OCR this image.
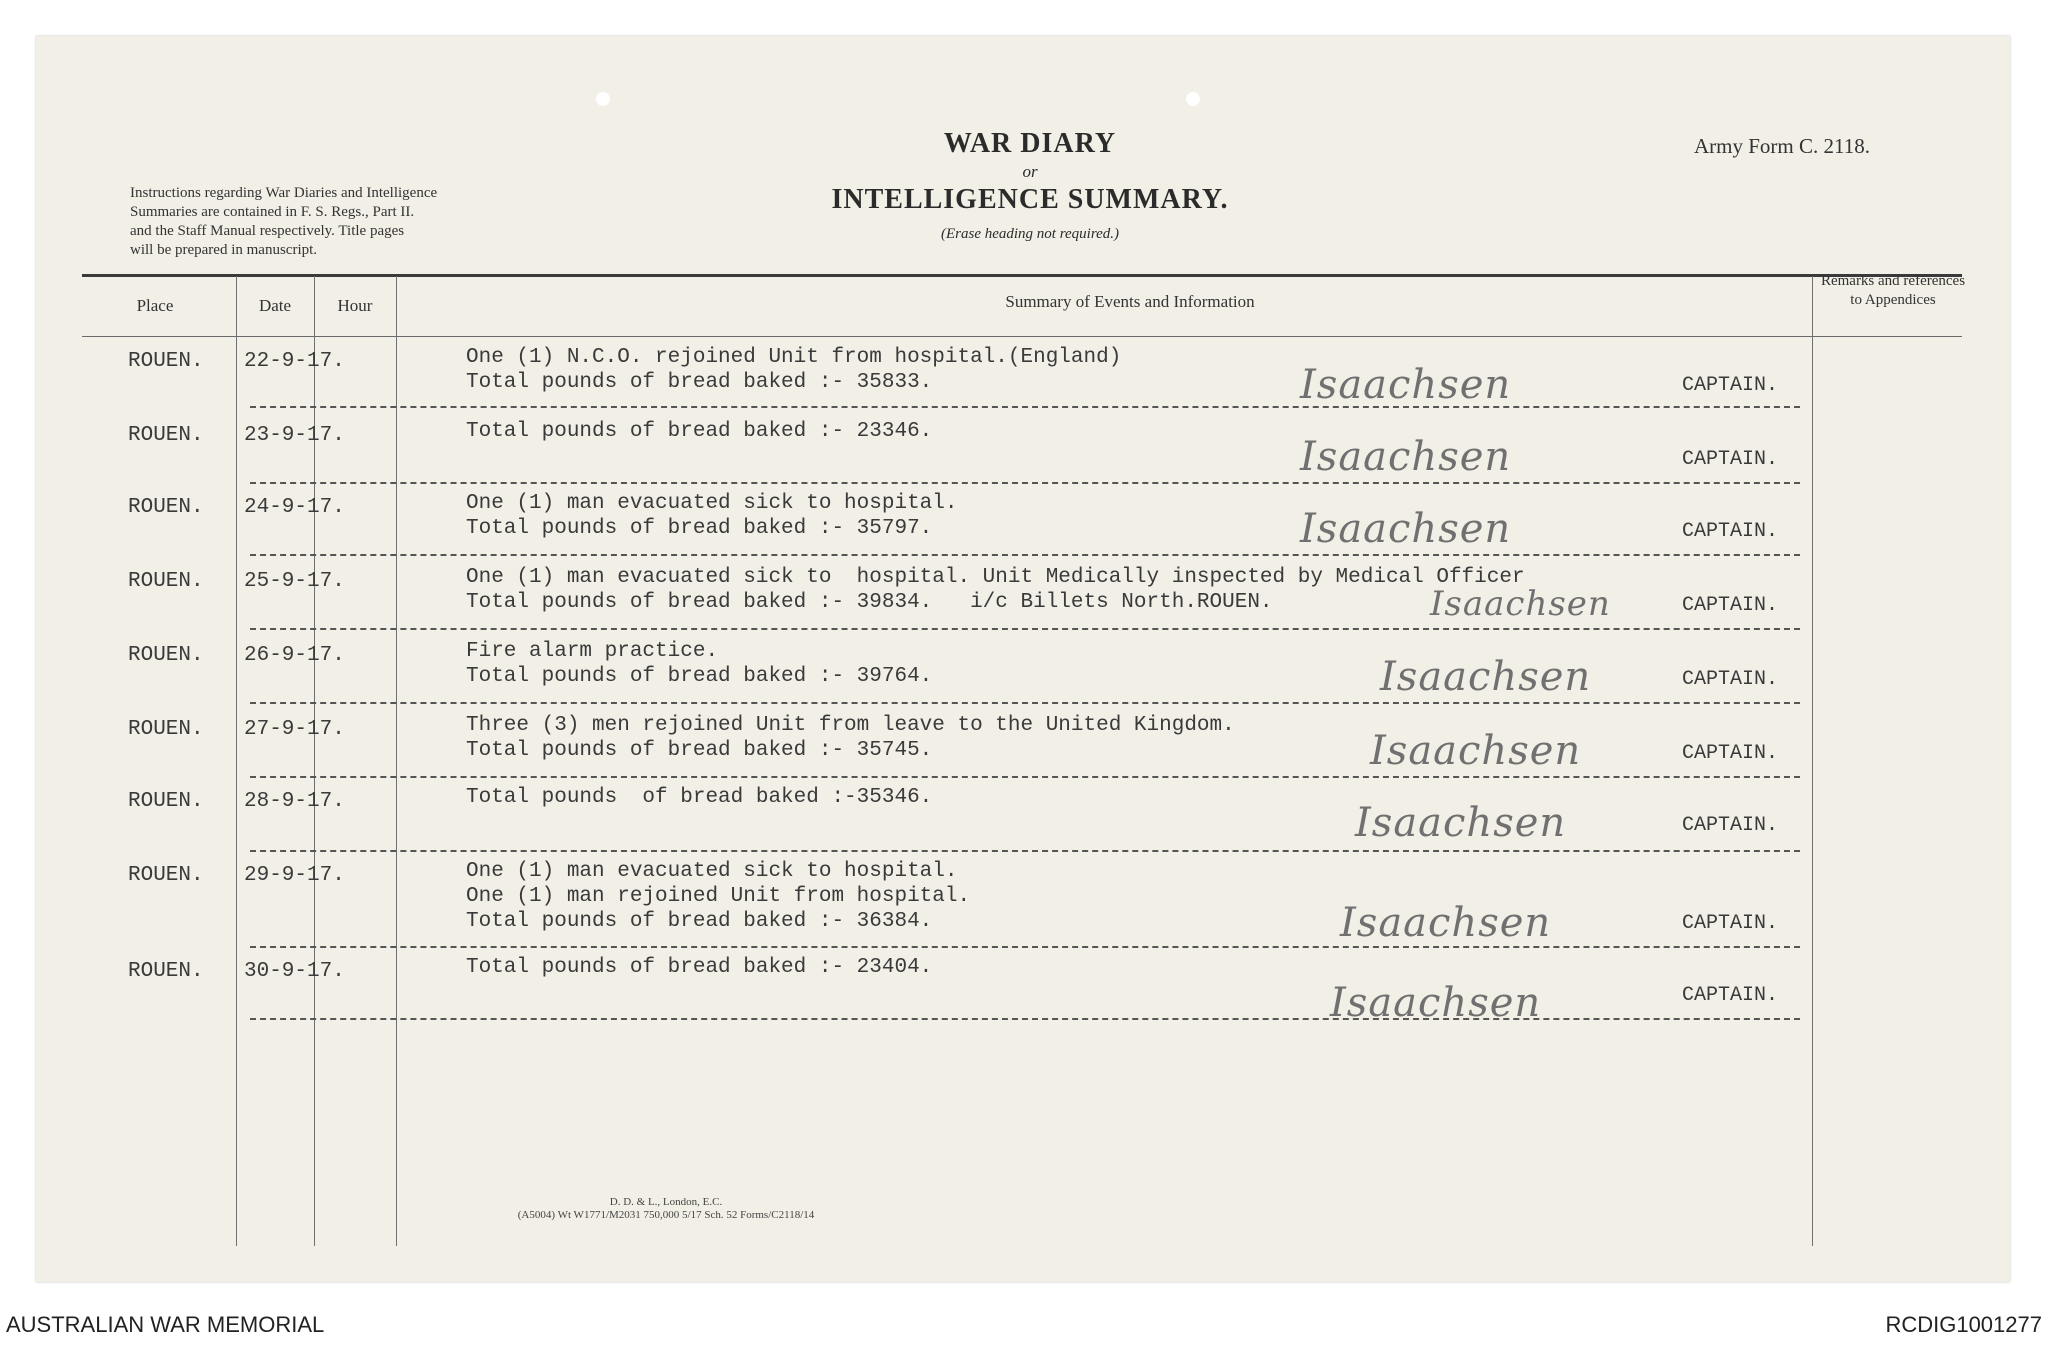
Instructions regarding War Diaries and Intelligence
Summaries are contained in F. S. Regs., Part II.
and the Staff Manual respectively. Title pages
will be prepared in manuscript.
WAR DIARY
or
INTELLIGENCE SUMMARY.
(Erase heading not required.)
Army Form C. 2118.
Place	Date	Hour	Summary of Events and Information
Remarks and references to Appendices
ROUEN. 22-9-17.	One (1) N.C.O. rejoined Unit from hospital.(England)
Total pounds of bread baked :- 35833.	Isaachsen	CAPTAIN.
ROUEN. 23-9-17.	Total pounds of bread baked :- 23346.
Isaachsen	CAPTAIN.
ROUEN. 24-9-17.	One (1) man evacuated sick to hospital.
Total pounds of bread baked :- 35797.	Isaachsen	CAPTAIN.
ROUEN. 25-9-17.	One (1) man evacuated sick to  hospital. Unit Medically inspected by Medical Officer
Total pounds of bread baked :- 39834.   i/c Billets North.ROUEN.	Isaachsen	CAPTAIN.
ROUEN. 26-9-17.	Fire alarm practice.
Total pounds of bread baked :- 39764.	Isaachsen	CAPTAIN.
ROUEN. 27-9-17.	Three (3) men rejoined Unit from leave to the United Kingdom.
Total pounds of bread baked :- 35745.	Isaachsen	CAPTAIN.
ROUEN. 28-9-17.	Total pounds  of bread baked :-35346.
Isaachsen	CAPTAIN.
ROUEN. 29-9-17.	One (1) man evacuated sick to hospital.
One (1) man rejoined Unit from hospital.
Total pounds of bread baked :- 36384.	Isaachsen	CAPTAIN.
ROUEN. 30-9-17.	Total pounds of bread baked :- 23404.
Isaachsen	CAPTAIN.
D. D. & L., London, E.C.
(A5004) Wt W1771/M2031 750,000 5/17 Sch. 52 Forms/C2118/14
AUSTRALIAN WAR MEMORIAL	RCDIG1001277
